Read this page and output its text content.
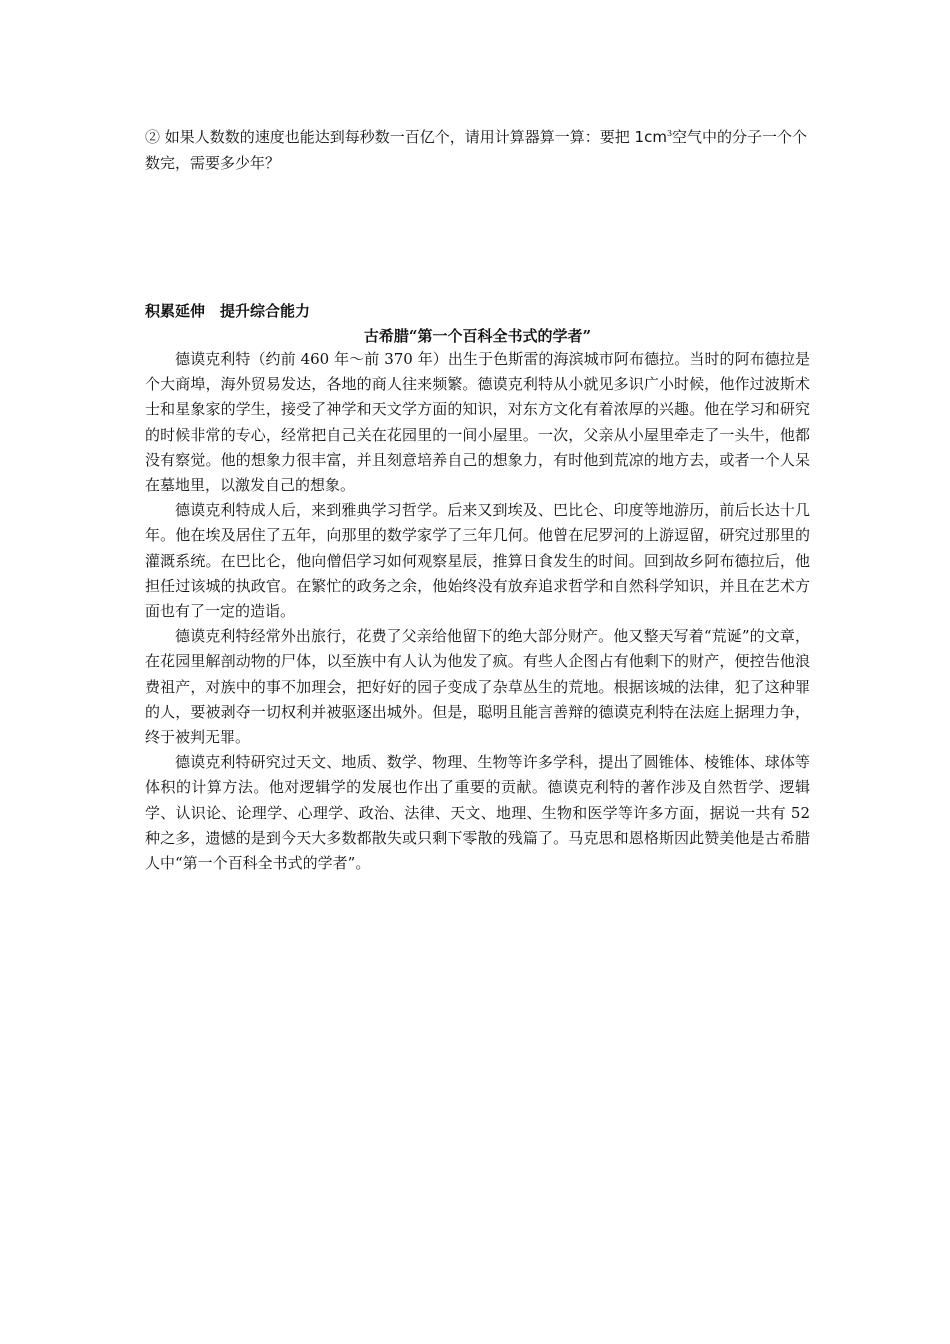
② 如果人数数的速度也能达到每秒数一百亿个，请用计算器算一算：要把 $1cm^3$空气中的分子一个个数完，需要多少年？

积累延伸　提升综合能力
古希腊“第一个百科全书式的学者”

德谟克利特（约前 460 年～前 370 年）出生于色斯雷的海滨城市阿布德拉。当时的阿布德拉是个大商埠，海外贸易发达，各地的商人往来频繁。德谟克利特从小就见多识广小时候，他作过波斯术士和星象家的学生，接受了神学和天文学方面的知识，对东方文化有着浓厚的兴趣。他在学习和研究的时候非常的专心，经常把自己关在花园里的一间小屋里。一次，父亲从小屋里牵走了一头牛，他都没有察觉。他的想象力很丰富，并且刻意培养自己的想象力，有时他到荒凉的地方去，或者一个人呆在墓地里，以激发自己的想象。

德谟克利特成人后，来到雅典学习哲学。后来又到埃及、巴比仑、印度等地游历，前后长达十几年。他在埃及居住了五年，向那里的数学家学了三年几何。他曾在尼罗河的上游逗留，研究过那里的灌溉系统。在巴比仑，他向僧侣学习如何观察星辰，推算日食发生的时间。回到故乡阿布德拉后，他担任过该城的执政官。在繁忙的政务之余，他始终没有放弃追求哲学和自然科学知识，并且在艺术方面也有了一定的造诣。

德谟克利特经常外出旅行，花费了父亲给他留下的绝大部分财产。他又整天写着“荒诞”的文章，在花园里解剖动物的尸体，以至族中有人认为他发了疯。有些人企图占有他剩下的财产，便控告他浪费祖产，对族中的事不加理会，把好好的园子变成了杂草丛生的荒地。根据该城的法律，犯了这种罪的人，要被剥夺一切权利并被驱逐出城外。但是，聪明且能言善辩的德谟克利特在法庭上据理力争，终于被判无罪。

德谟克利特研究过天文、地质、数学、物理、生物等许多学科，提出了圆锥体、棱锥体、球体等体积的计算方法。他对逻辑学的发展也作出了重要的贡献。德谟克利特的著作涉及自然哲学、逻辑学、认识论、论理学、心理学、政治、法律、天文、地理、生物和医学等许多方面，据说一共有 52 种之多，遗憾的是到今天大多数都散失或只剩下零散的残篇了。马克思和恩格斯因此赞美他是古希腊人中“第一个百科全书式的学者”。
